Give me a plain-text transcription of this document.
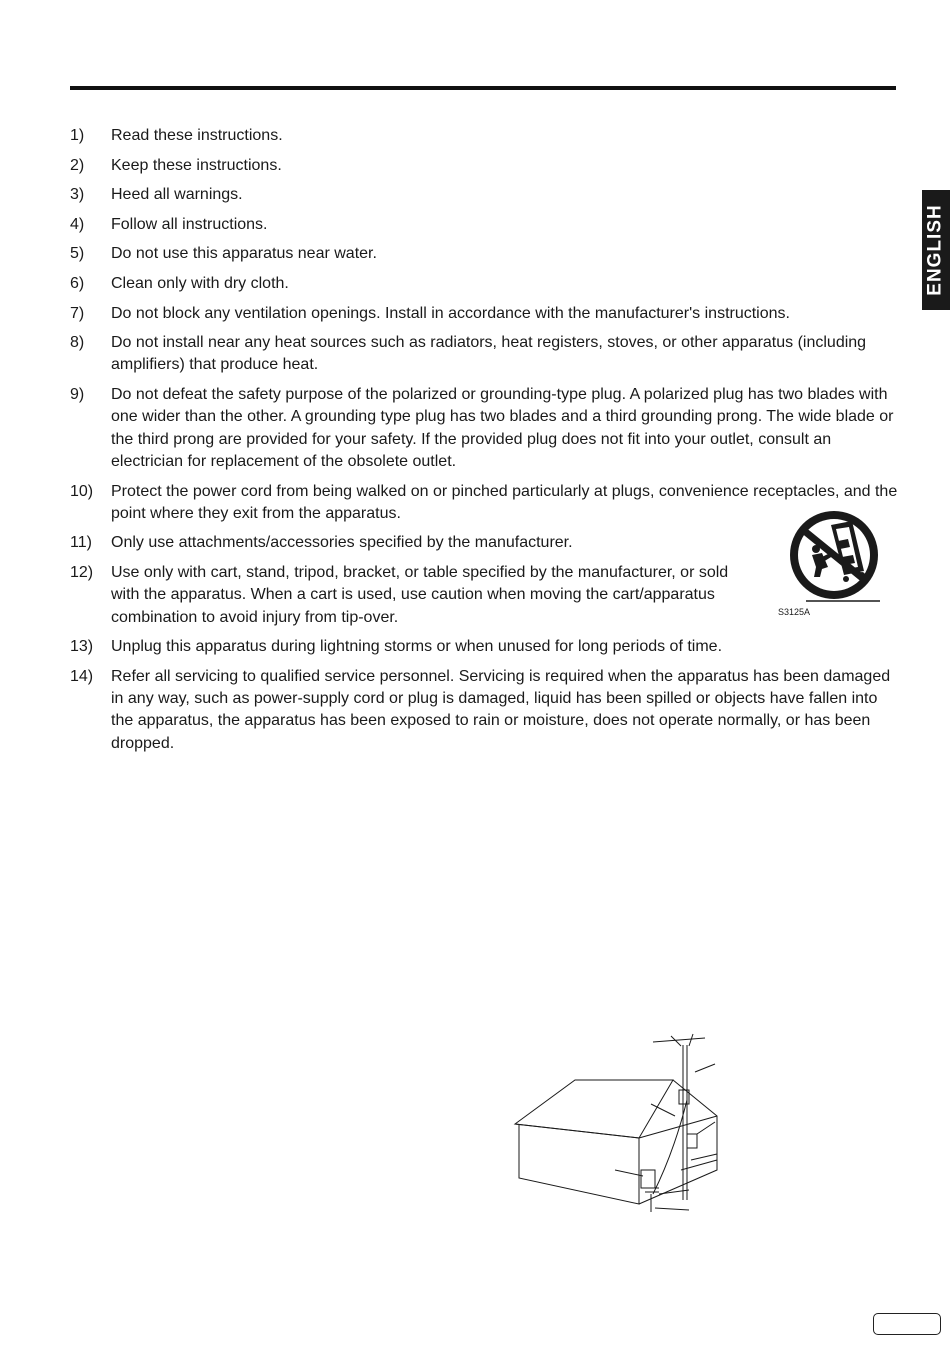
ENGLISH
1)	Read these instructions.
2)	Keep these instructions.
3)	Heed all warnings.
4)	Follow all instructions.
5)	Do not use this apparatus near water.
6)	Clean only with dry cloth.
7)	Do not block any ventilation openings. Install in accordance with the manufacturer's instructions.
8)	Do not install near any heat sources such as radiators, heat registers, stoves, or other apparatus (including amplifiers) that produce heat.
9)	Do not defeat the safety purpose of the polarized or grounding-type plug. A polarized plug has two blades with one wider than the other. A grounding type plug has two blades and a third grounding prong. The wide blade or the third prong are provided for your safety. If the provided plug does not fit into your outlet, consult an electrician for replacement of the obsolete outlet.
10)	Protect the power cord from being walked on or pinched particularly at plugs, convenience receptacles, and the point where they exit from the apparatus.
11)	Only use attachments/accessories specified by the manufacturer.
12)	Use only with cart, stand, tripod, bracket, or table specified by the manufacturer, or sold with the apparatus. When a cart is used, use caution when moving the cart/apparatus combination to avoid injury from tip-over.
13)	Unplug this apparatus during lightning storms or when unused for long periods of time.
14)	Refer all servicing to qualified service personnel. Servicing is required when the apparatus has been damaged in any way, such as power-supply cord or plug is damaged, liquid has been spilled or objects have fallen into the apparatus, the apparatus has been exposed to rain or moisture, does not operate normally, or has been dropped.
S3125A
